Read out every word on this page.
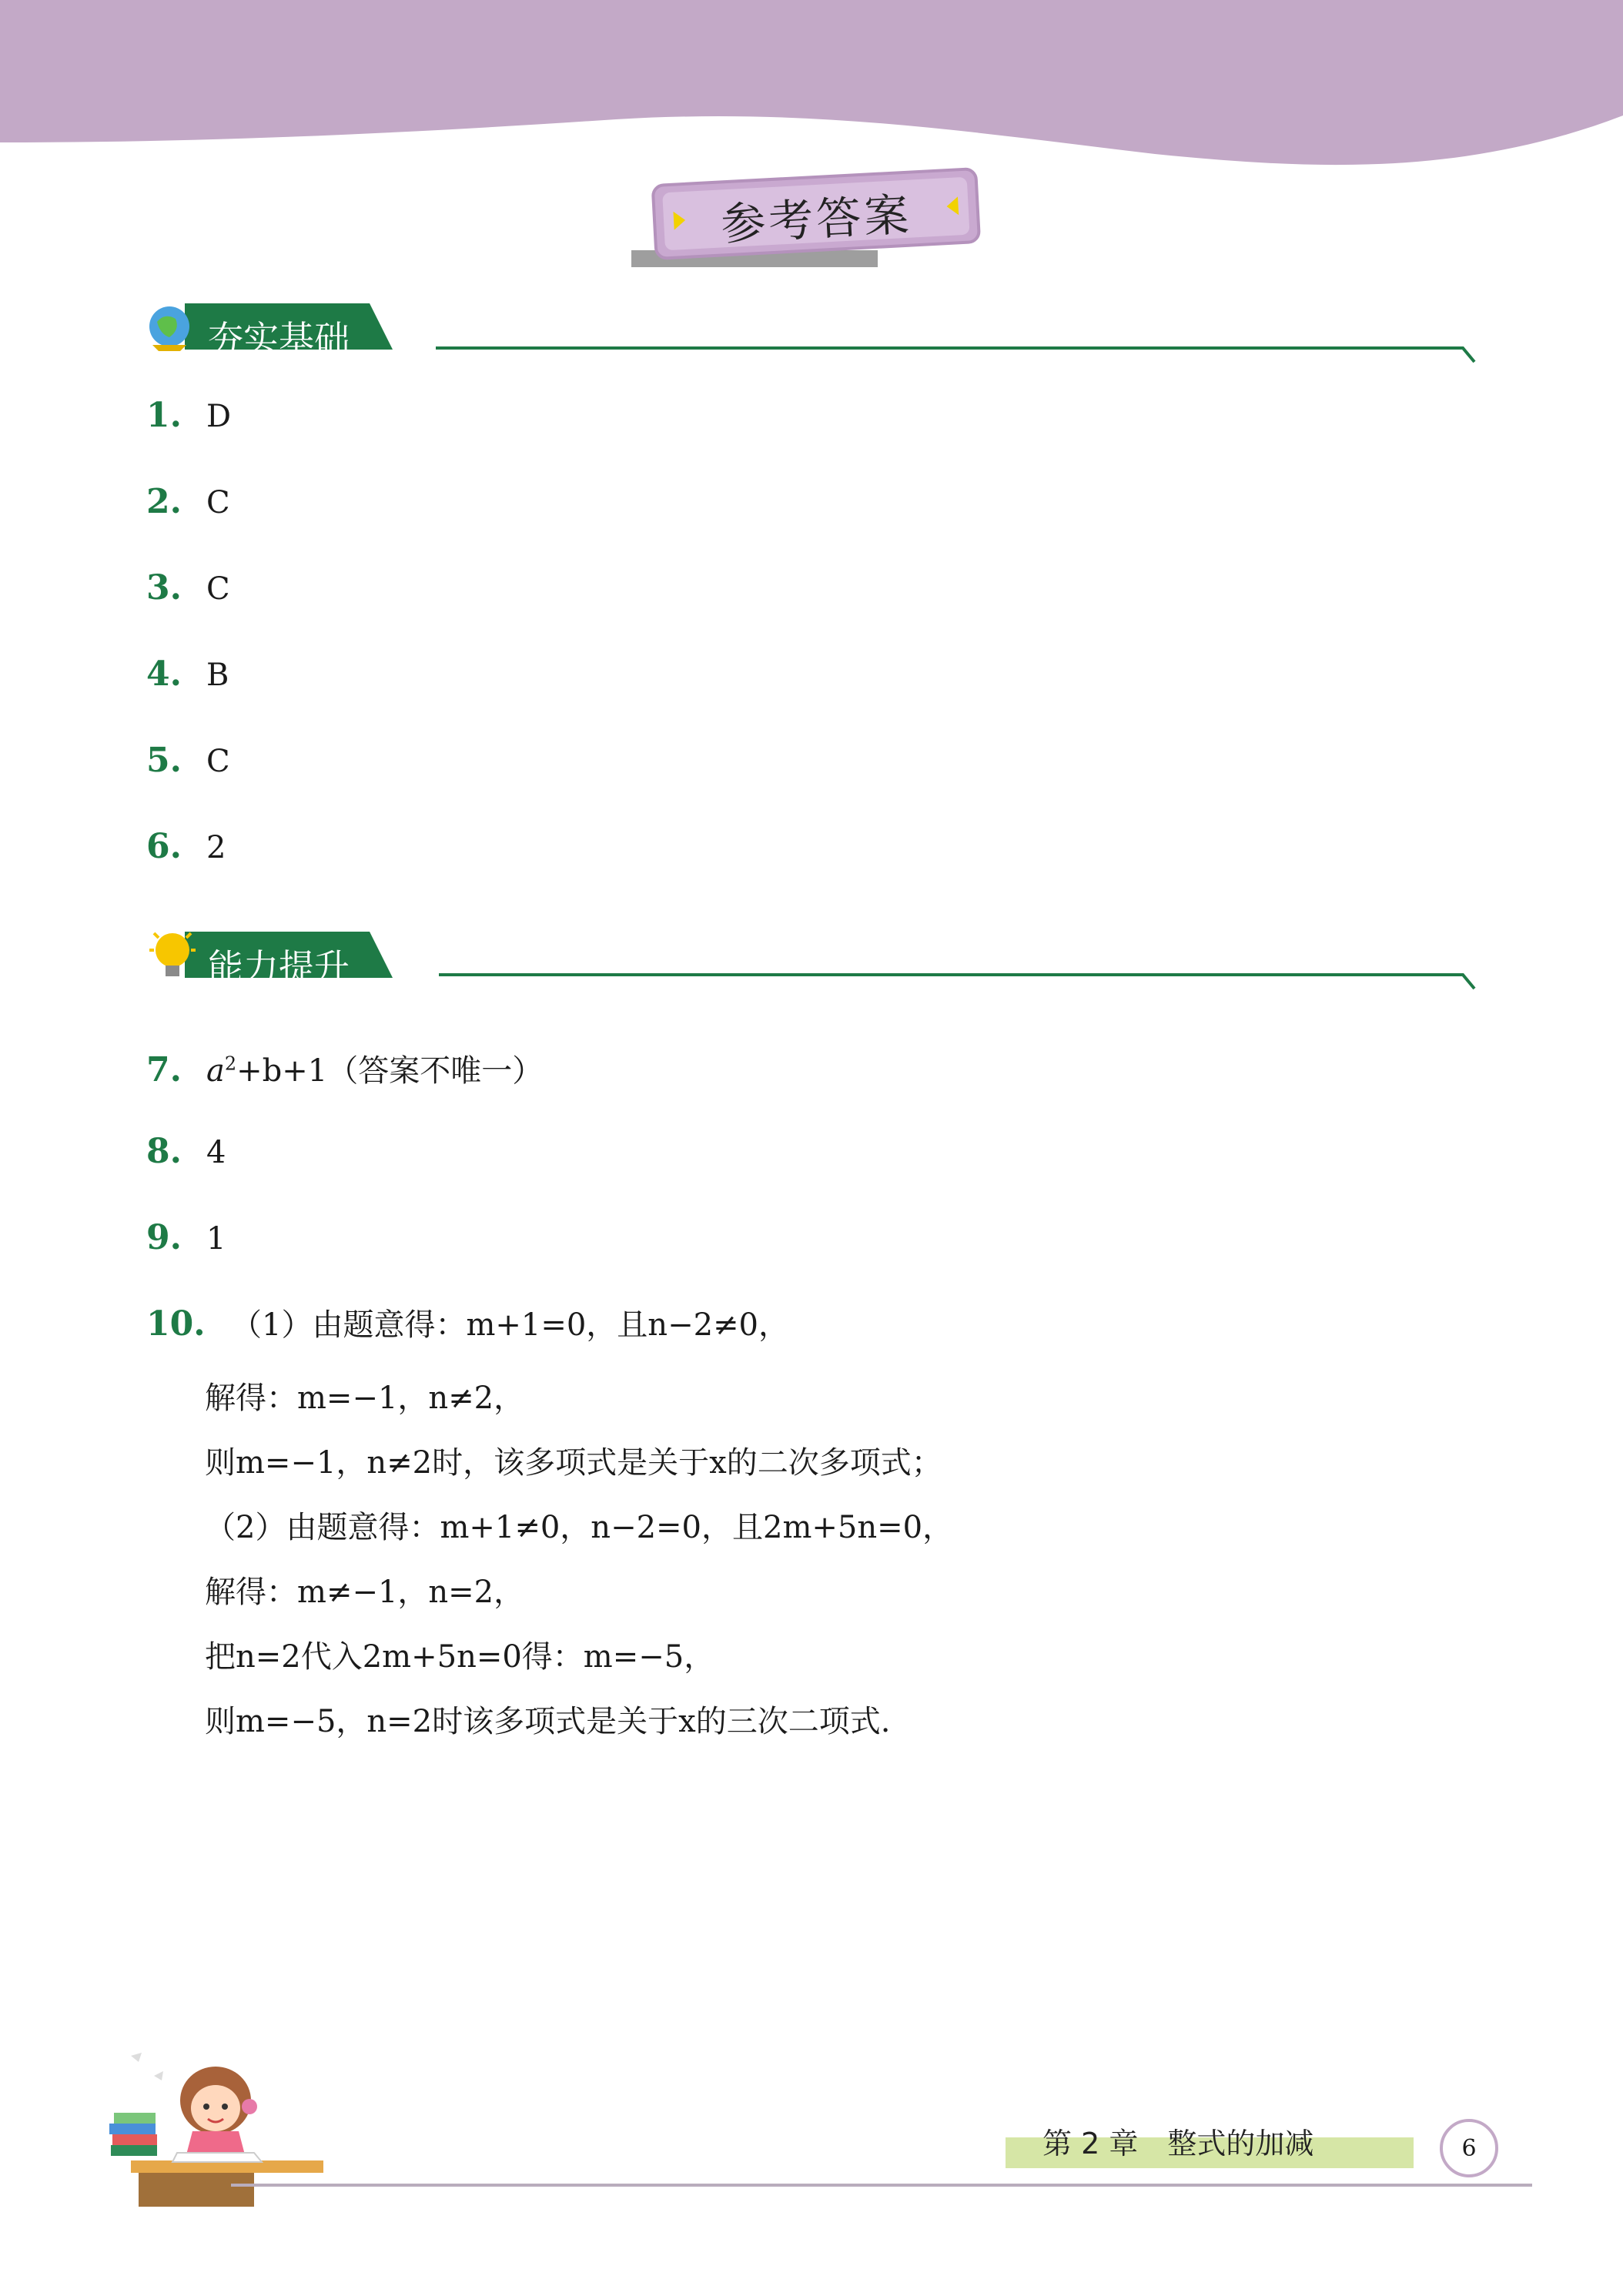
参考答案
夯实基础
1. D
2. C
3. C
4. B
5. C
6. 2
能力提升
7. $a^2+b+1$（答案不唯一）
8. 4
9. 1
10. （1）由题意得：m+1=0，且n−2≠0，
解得：m=−1，n≠2，
则m=−1，n≠2时，该多项式是关于x的二次多项式；
（2）由题意得：m+1≠0，n−2=0，且2m+5n=0，
解得：m≠−1，n=2，
把n=2代入2m+5n=0得：m=−5，
则m=−5，n=2时该多项式是关于x的三次二项式.
第 2 章　整式的加减	6
